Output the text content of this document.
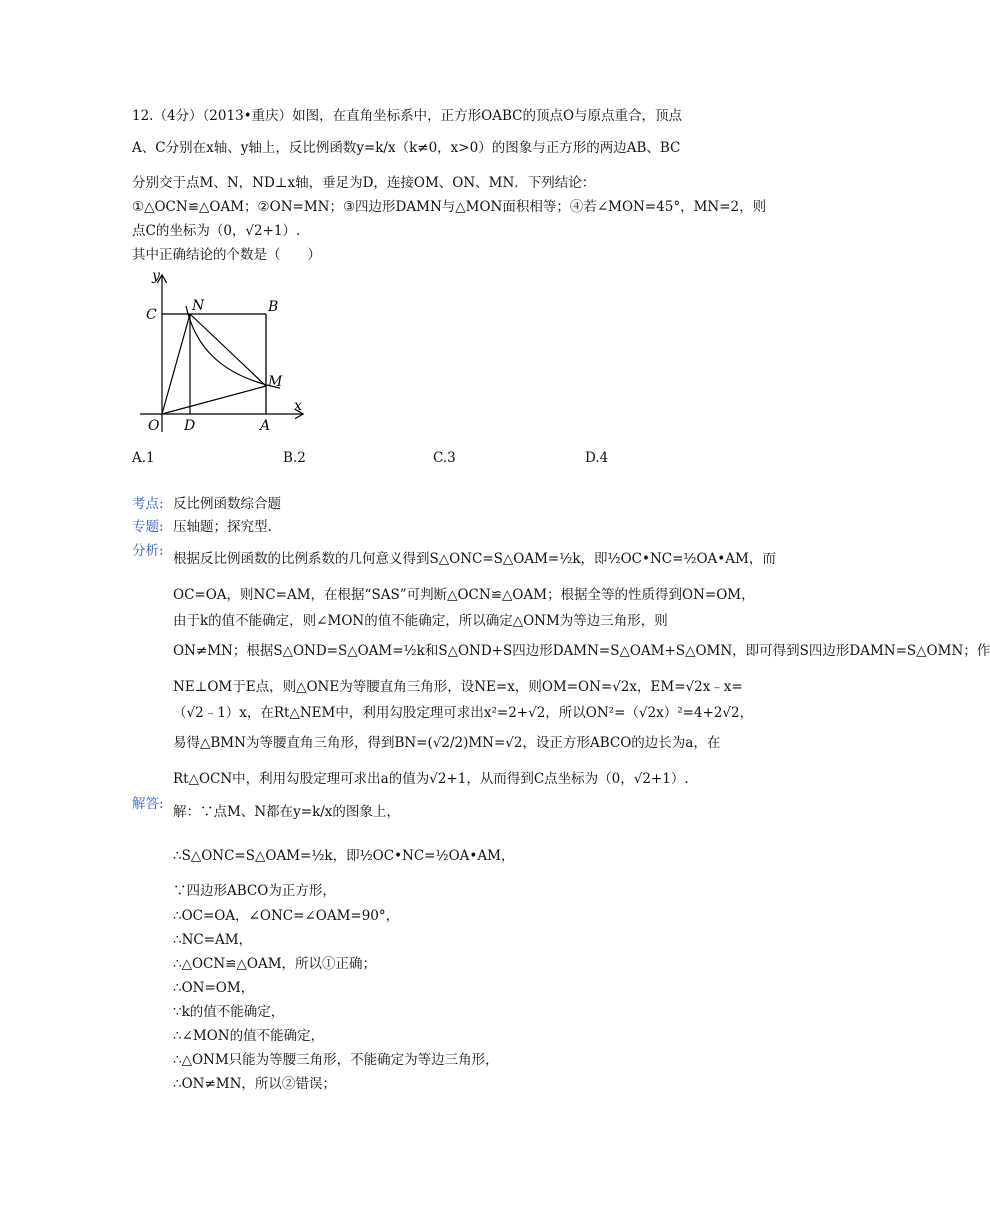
12.（4分）（2013•重庆）如图，在直角坐标系中，正方形OABC的顶点O与原点重合，顶点
A、C分别在x轴、y轴上，反比例函数y=k/x（k≠0，x>0）的图象与正方形的两边AB、BC
分别交于点M、N，ND⊥x轴，垂足为D，连接OM、ON、MN．下列结论：
①△OCN≌△OAM；②ON=MN；③四边形DAMN与△MON面积相等；④若∠MON=45°，MN=2，则
点C的坐标为（0，√2+1）.
其中正确结论的个数是（　　）
y
x
O
C
N	B
M
D	A
A.1	B.2	C.3	D.4
考点: 反比例函数综合题
专题: 压轴题；探究型.
分析: 根据反比例函数的比例系数的几何意义得到S△ONC=S△OAM=½k，即½OC•NC=½OA•AM，而
OC=OA，则NC=AM，在根据“SAS”可判断△OCN≌△OAM；根据全等的性质得到ON=OM，
由于k的值不能确定，则∠MON的值不能确定，所以确定△ONM为等边三角形，则
ON≠MN；根据S△OND=S△OAM=½k和S△OND+S四边形DAMN=S△OAM+S△OMN，即可得到S四边形DAMN=S△OMN；作
NE⊥OM于E点，则△ONE为等腰直角三角形，设NE=x，则OM=ON=√2x，EM=√2x﹣x=
（√2﹣1）x，在Rt△NEM中，利用勾股定理可求出x²=2+√2，所以ON²=（√2x）²=4+2√2，
易得△BMN为等腰直角三角形，得到BN=(√2/2)MN=√2，设正方形ABCO的边长为a，在
Rt△OCN中，利用勾股定理可求出a的值为√2+1，从而得到C点坐标为（0，√2+1）.
解答: 解：∵点M、N都在y=k/x的图象上，
∴S△ONC=S△OAM=½k，即½OC•NC=½OA•AM，
∵四边形ABCO为正方形，
∴OC=OA，∠ONC=∠OAM=90°，
∴NC=AM，
∴△OCN≌△OAM，所以①正确；
∴ON=OM，
∵k的值不能确定，
∴∠MON的值不能确定，
∴△ONM只能为等腰三角形，不能确定为等边三角形，
∴ON≠MN，所以②错误；
